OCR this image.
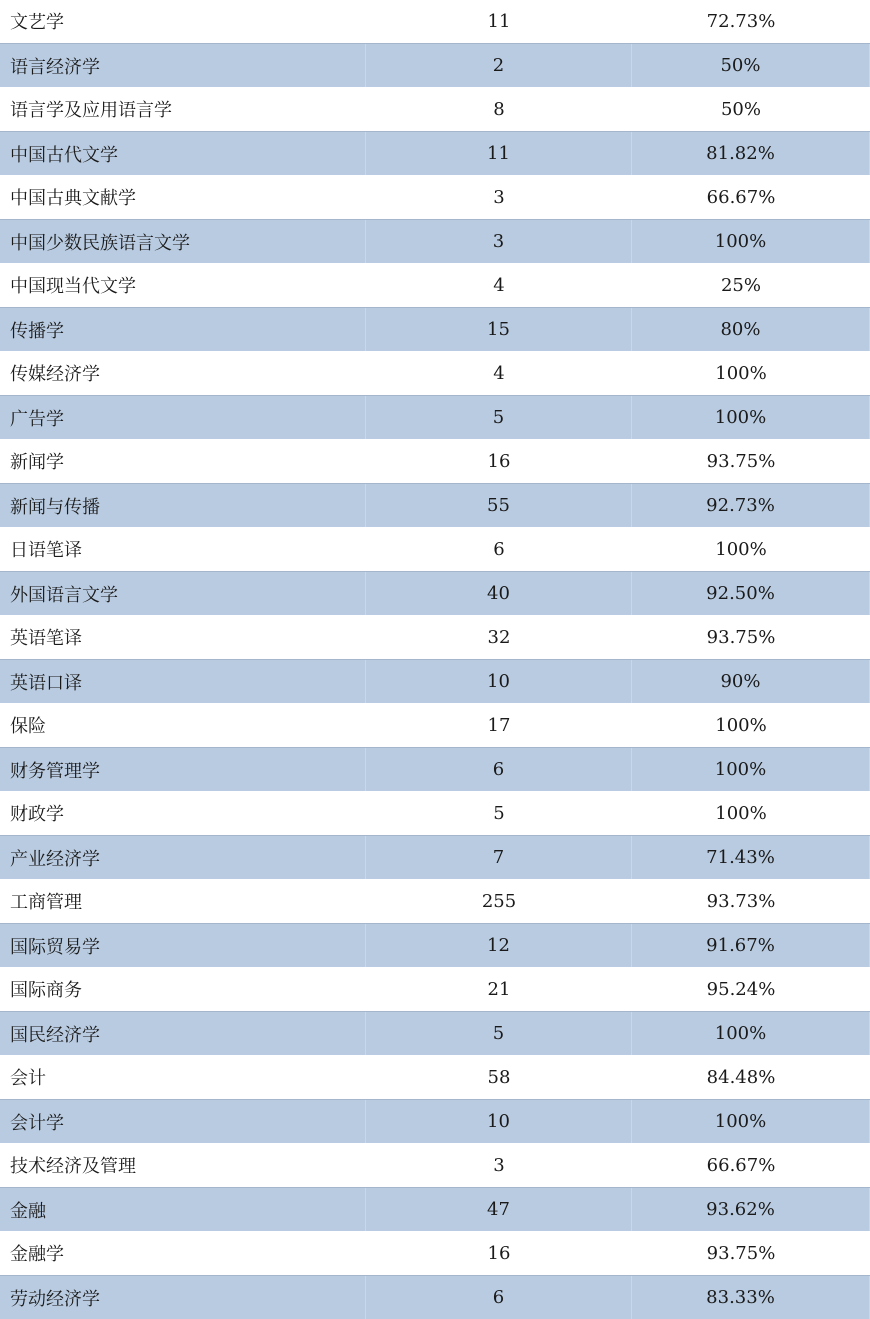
文艺学	11	72.73%
语言经济学	2	50%
语言学及应用语言学	8	50%
中国古代文学	11	81.82%
中国古典文献学	3	66.67%
中国少数民族语言文学	3	100%
中国现当代文学	4	25%
传播学	15	80%
传媒经济学	4	100%
广告学	5	100%
新闻学	16	93.75%
新闻与传播	55	92.73%
日语笔译	6	100%
外国语言文学	40	92.50%
英语笔译	32	93.75%
英语口译	10	90%
保险	17	100%
财务管理学	6	100%
财政学	5	100%
产业经济学	7	71.43%
工商管理	255	93.73%
国际贸易学	12	91.67%
国际商务	21	95.24%
国民经济学	5	100%
会计	58	84.48%
会计学	10	100%
技术经济及管理	3	66.67%
金融	47	93.62%
金融学	16	93.75%
劳动经济学	6	83.33%
